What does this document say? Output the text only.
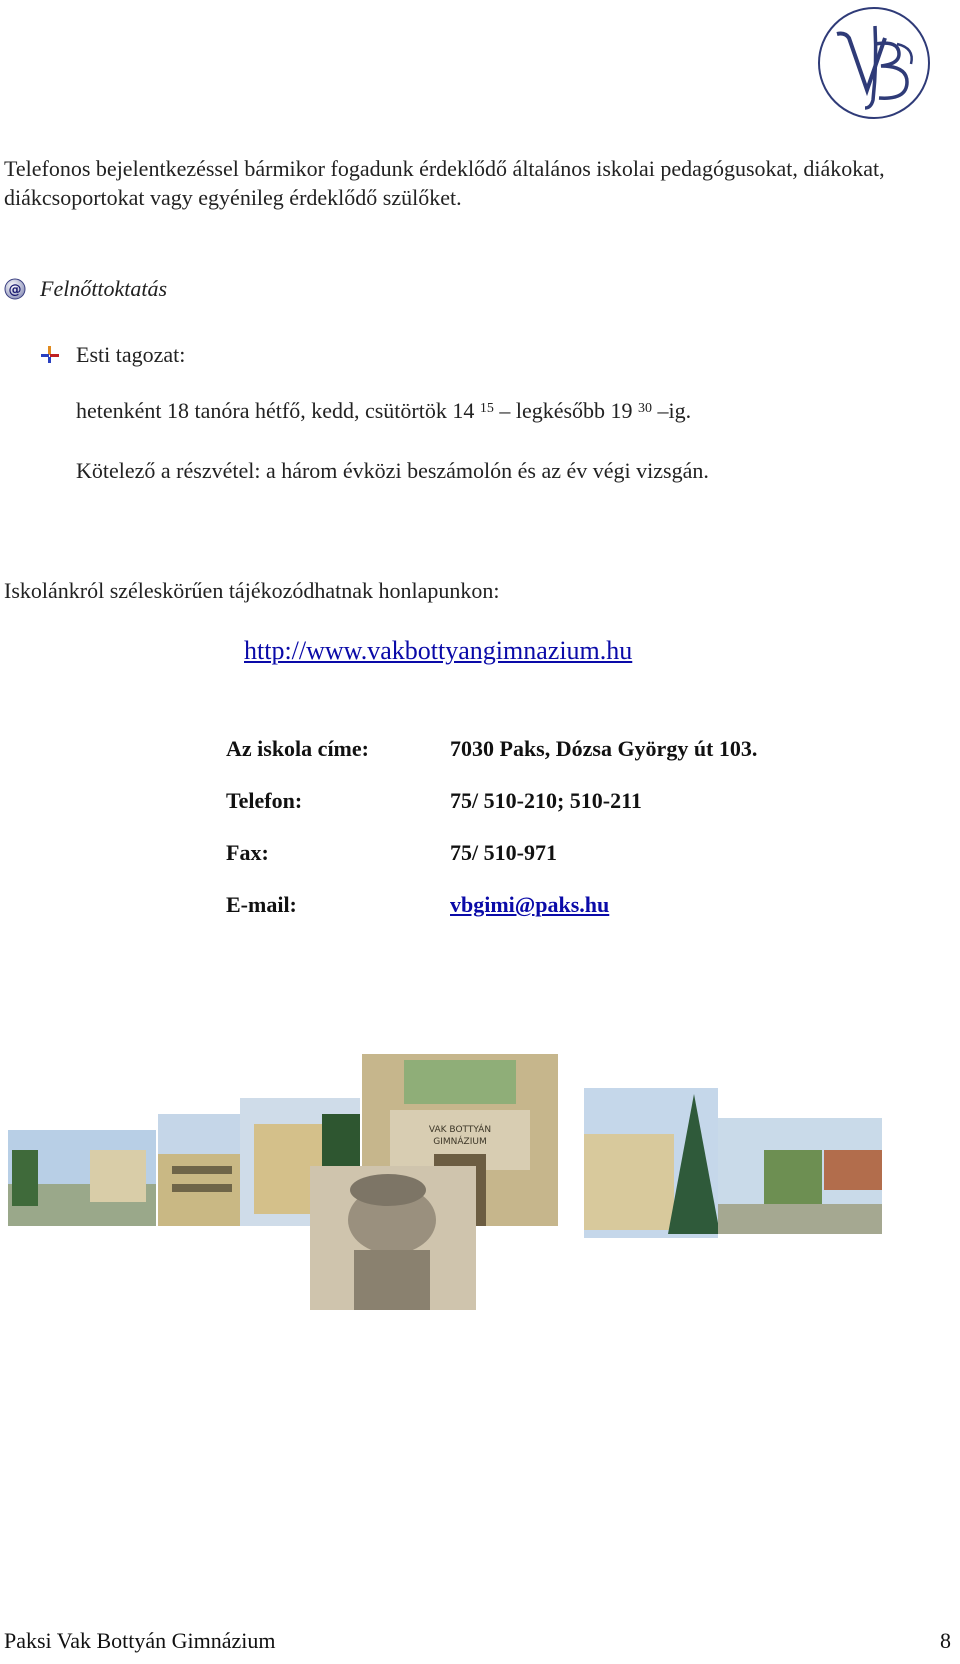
Telefonos bejelentkezéssel bármikor fogadunk érdeklődő általános iskolai pedagógusokat, diákokat, diákcsoportokat vagy egyénileg érdeklődő szülőket.
@ Felnőttoktatás
Esti tagozat:
hetenként 18 tanóra hétfő, kedd, csütörtök 14 $^{15}$ – legkésőbb 19 $^{30}$ –ig.
Kötelező a részvétel: a három évközi beszámolón és az év végi vizsgán.
Iskolánkról széleskörűen tájékozódhatnak honlapunkon:
http://www.vakbottyangimnazium.hu
Az iskola címe:	7030 Paks, Dózsa György út 103.
Telefon:	75/ 510-210; 510-211
Fax:	75/ 510-971
E-mail:	vbgimi@paks.hu
VAK BOTTYÁN
GIMNÁZIUM
Paksi Vak Bottyán Gimnázium	8
